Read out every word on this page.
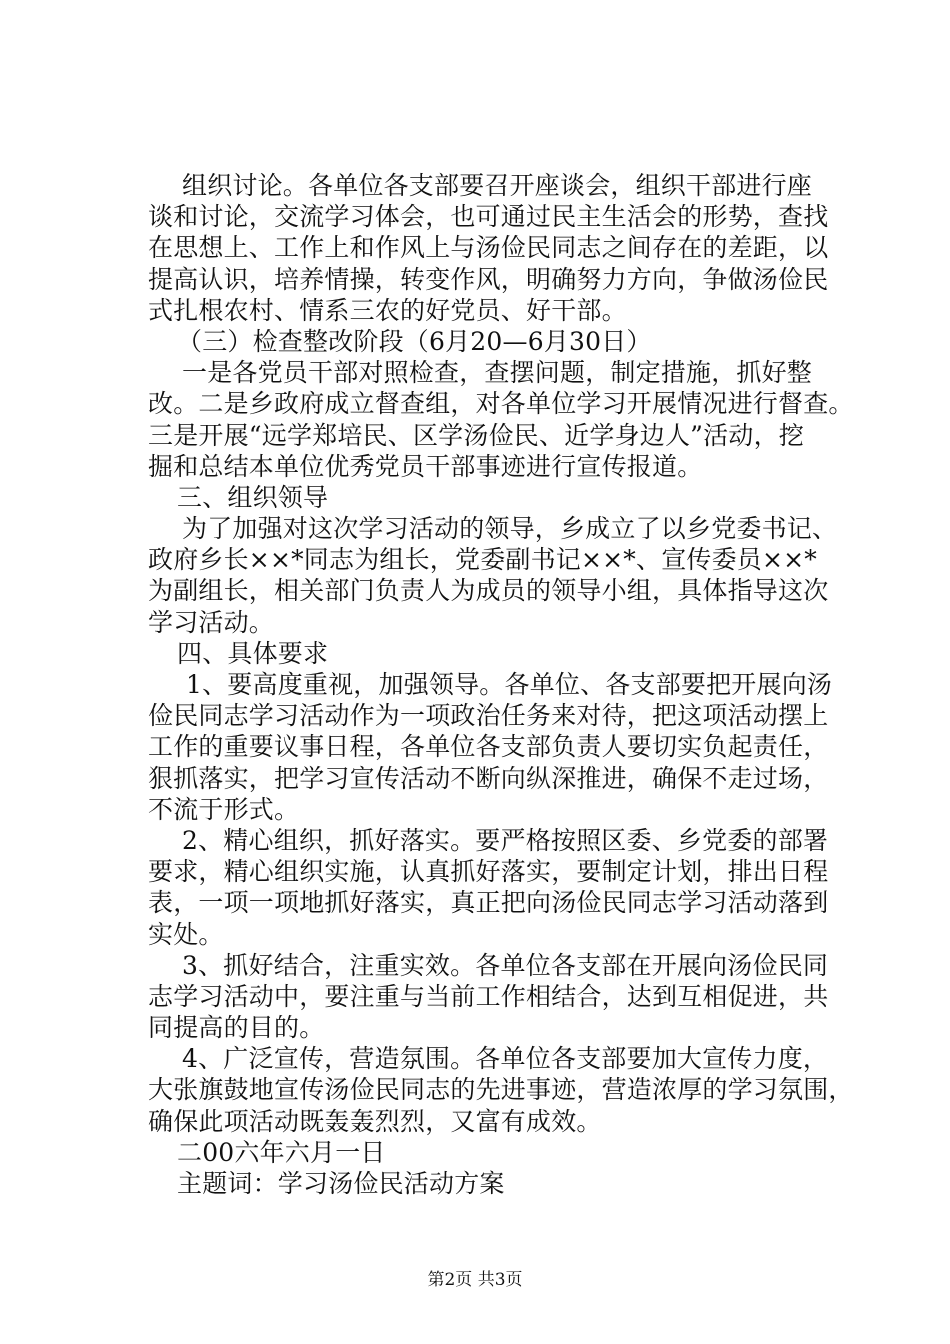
组织讨论。各单位各支部要召开座谈会，组织干部进行座
谈和讨论，交流学习体会，也可通过民主生活会的形势，查找
在思想上、工作上和作风上与汤俭民同志之间存在的差距，以
提高认识，培养情操，转变作风，明确努力方向，争做汤俭民
式扎根农村、情系三农的好党员、好干部。
（三）检查整改阶段（6月20—6月30日）
一是各党员干部对照检查，查摆问题，制定措施，抓好整
改。二是乡政府成立督查组，对各单位学习开展情况进行督查。
三是开展“远学郑培民、区学汤俭民、近学身边人”活动，挖
掘和总结本单位优秀党员干部事迹进行宣传报道。
三、组织领导
为了加强对这次学习活动的领导，乡成立了以乡党委书记、
政府乡长××*同志为组长，党委副书记××*、宣传委员××*
为副组长，相关部门负责人为成员的领导小组，具体指导这次
学习活动。
四、具体要求
1、要高度重视，加强领导。各单位、各支部要把开展向汤
俭民同志学习活动作为一项政治任务来对待，把这项活动摆上
工作的重要议事日程，各单位各支部负责人要切实负起责任，
狠抓落实，把学习宣传活动不断向纵深推进，确保不走过场，
不流于形式。
2、精心组织，抓好落实。要严格按照区委、乡党委的部署
要求，精心组织实施，认真抓好落实，要制定计划，排出日程
表，一项一项地抓好落实，真正把向汤俭民同志学习活动落到
实处。
3、抓好结合，注重实效。各单位各支部在开展向汤俭民同
志学习活动中，要注重与当前工作相结合，达到互相促进，共
同提高的目的。
4、广泛宣传，营造氛围。各单位各支部要加大宣传力度，
大张旗鼓地宣传汤俭民同志的先进事迹，营造浓厚的学习氛围，
确保此项活动既轰轰烈烈，又富有成效。
二00六年六月一日
主题词：学习汤俭民活动方案
第2页 共3页
